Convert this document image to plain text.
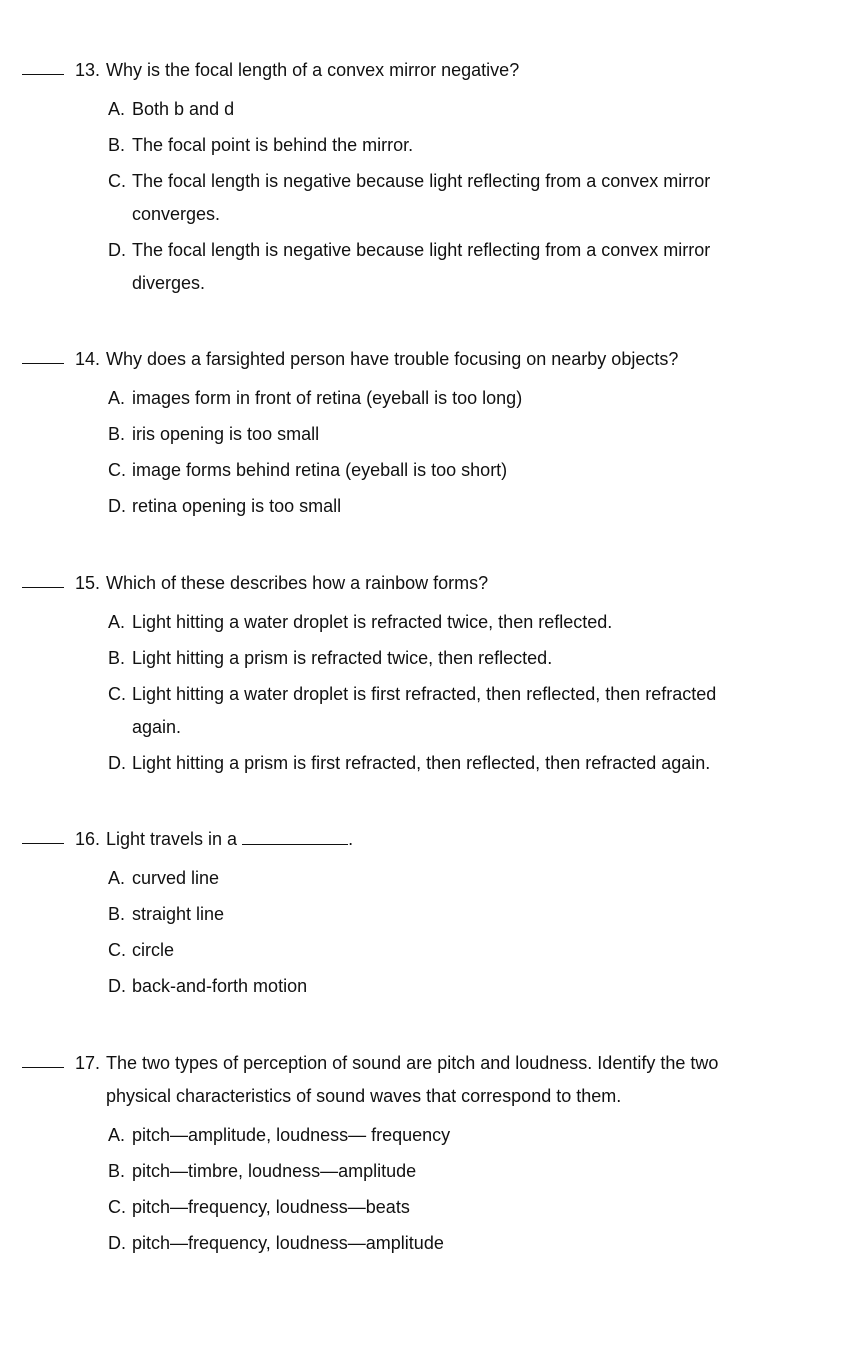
13. Why is the focal length of a convex mirror negative?
A. Both b and d
B. The focal point is behind the mirror.
C. The focal length is negative because light reflecting from a convex mirror converges.
D. The focal length is negative because light reflecting from a convex mirror diverges.
14. Why does a farsighted person have trouble focusing on nearby objects?
A. images form in front of retina (eyeball is too long)
B. iris opening is too small
C. image forms behind retina (eyeball is too short)
D. retina opening is too small
15. Which of these describes how a rainbow forms?
A. Light hitting a water droplet is refracted twice, then reflected.
B. Light hitting a prism is refracted twice, then reflected.
C. Light hitting a water droplet is first refracted, then reflected, then refracted again.
D. Light hitting a prism is first refracted, then reflected, then refracted again.
16. Light travels in a	.
A. curved line
B. straight line
C. circle
D. back-and-forth motion
17. The two types of perception of sound are pitch and loudness. Identify the two physical characteristics of sound waves that correspond to them.
A. pitch—amplitude, loudness— frequency
B. pitch—timbre, loudness—amplitude
C. pitch—frequency, loudness—beats
D. pitch—frequency, loudness—amplitude
